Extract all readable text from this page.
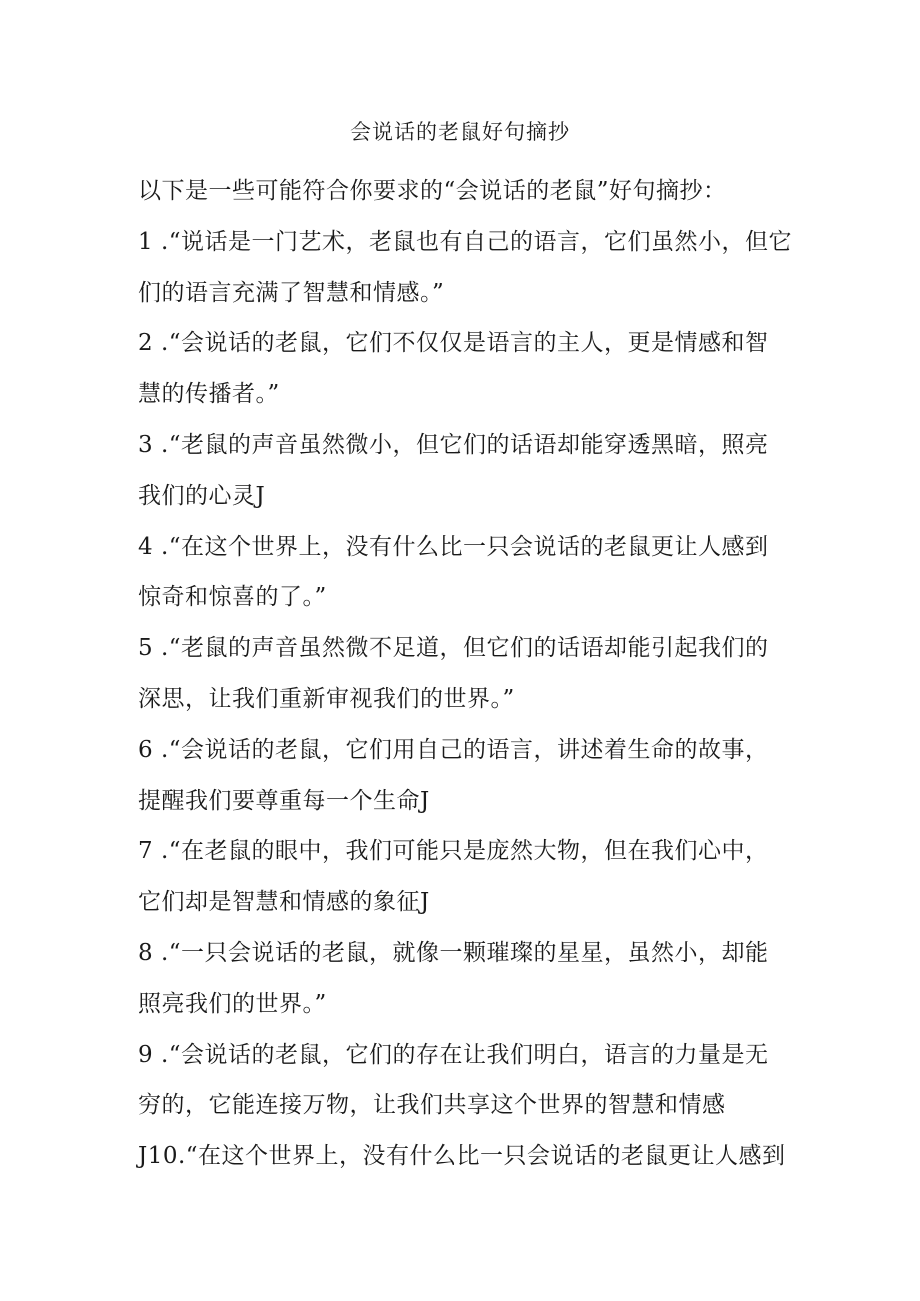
会说话的老鼠好句摘抄
以下是一些可能符合你要求的“会说话的老鼠”好句摘抄：
1 .“说话是一门艺术，老鼠也有自己的语言，它们虽然小，但它
们的语言充满了智慧和情感。”
2 .“会说话的老鼠，它们不仅仅是语言的主人，更是情感和智
慧的传播者。”
3 .“老鼠的声音虽然微小，但它们的话语却能穿透黑暗，照亮
我们的心灵J
4 .“在这个世界上，没有什么比一只会说话的老鼠更让人感到
惊奇和惊喜的了。”
5 .“老鼠的声音虽然微不足道，但它们的话语却能引起我们的
深思，让我们重新审视我们的世界。”
6 .“会说话的老鼠，它们用自己的语言，讲述着生命的故事，
提醒我们要尊重每一个生命J
7 .“在老鼠的眼中，我们可能只是庞然大物，但在我们心中，
它们却是智慧和情感的象征J
8 .“一只会说话的老鼠，就像一颗璀璨的星星，虽然小，却能
照亮我们的世界。”
9 .“会说话的老鼠，它们的存在让我们明白，语言的力量是无
穷的，它能连接万物，让我们共享这个世界的智慧和情感
J10.“在这个世界上，没有什么比一只会说话的老鼠更让人感到
